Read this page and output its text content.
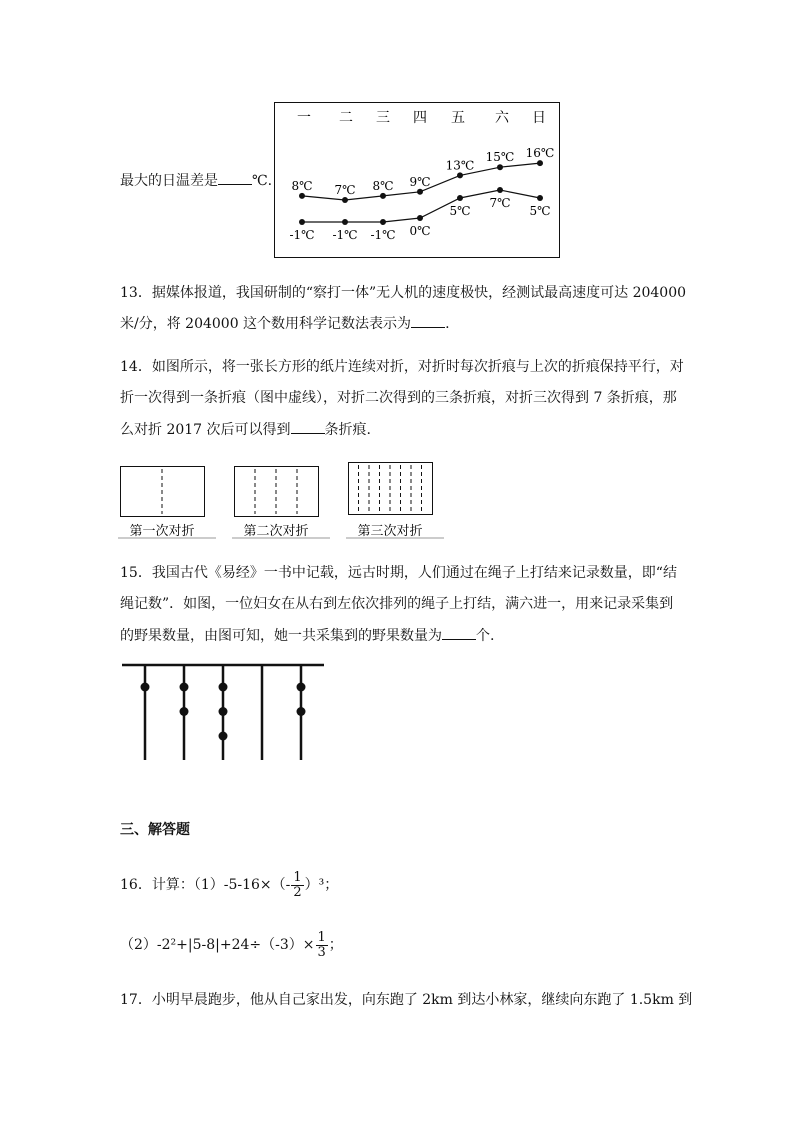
最大的日温差是 ℃.
一 二 三 四 五 六 日
8℃ 7℃ 8℃ 9℃
13℃
15℃ 16℃
-1℃ -1℃ -1℃ 0℃
5℃
7℃
5℃
13．据媒体报道，我国研制的“察打一体”无人机的速度极快，经测试最高速度可达 204000
米/分，将 204000 这个数用科学记数法表示为 .
14．如图所示，将一张长方形的纸片连续对折，对折时每次折痕与上次的折痕保持平行，对
折一次得到一条折痕（图中虚线），对折二次得到的三条折痕，对折三次得到 7 条折痕，那
么对折 2017 次后可以得到 条折痕.
第一次对折	第二次对折	第三次对折
15．我国古代《易经》一书中记载，远古时期，人们通过在绳子上打结来记录数量，即“结
绳记数”．如图，一位妇女在从右到左依次排列的绳子上打结，满六进一，用来记录采集到
的野果数量，由图可知，她一共采集到的野果数量为 个.
三、解答题
16．计算：$(1)-5-16\times(- \frac{1}{2} )^3$；
$(2)-2^2+|5-8|+24\div(-3)\times \frac{1}{3}$ ；
17．小明早晨跑步，他从自己家出发，向东跑了 2km 到达小林家，继续向东跑了 1.5km 到
